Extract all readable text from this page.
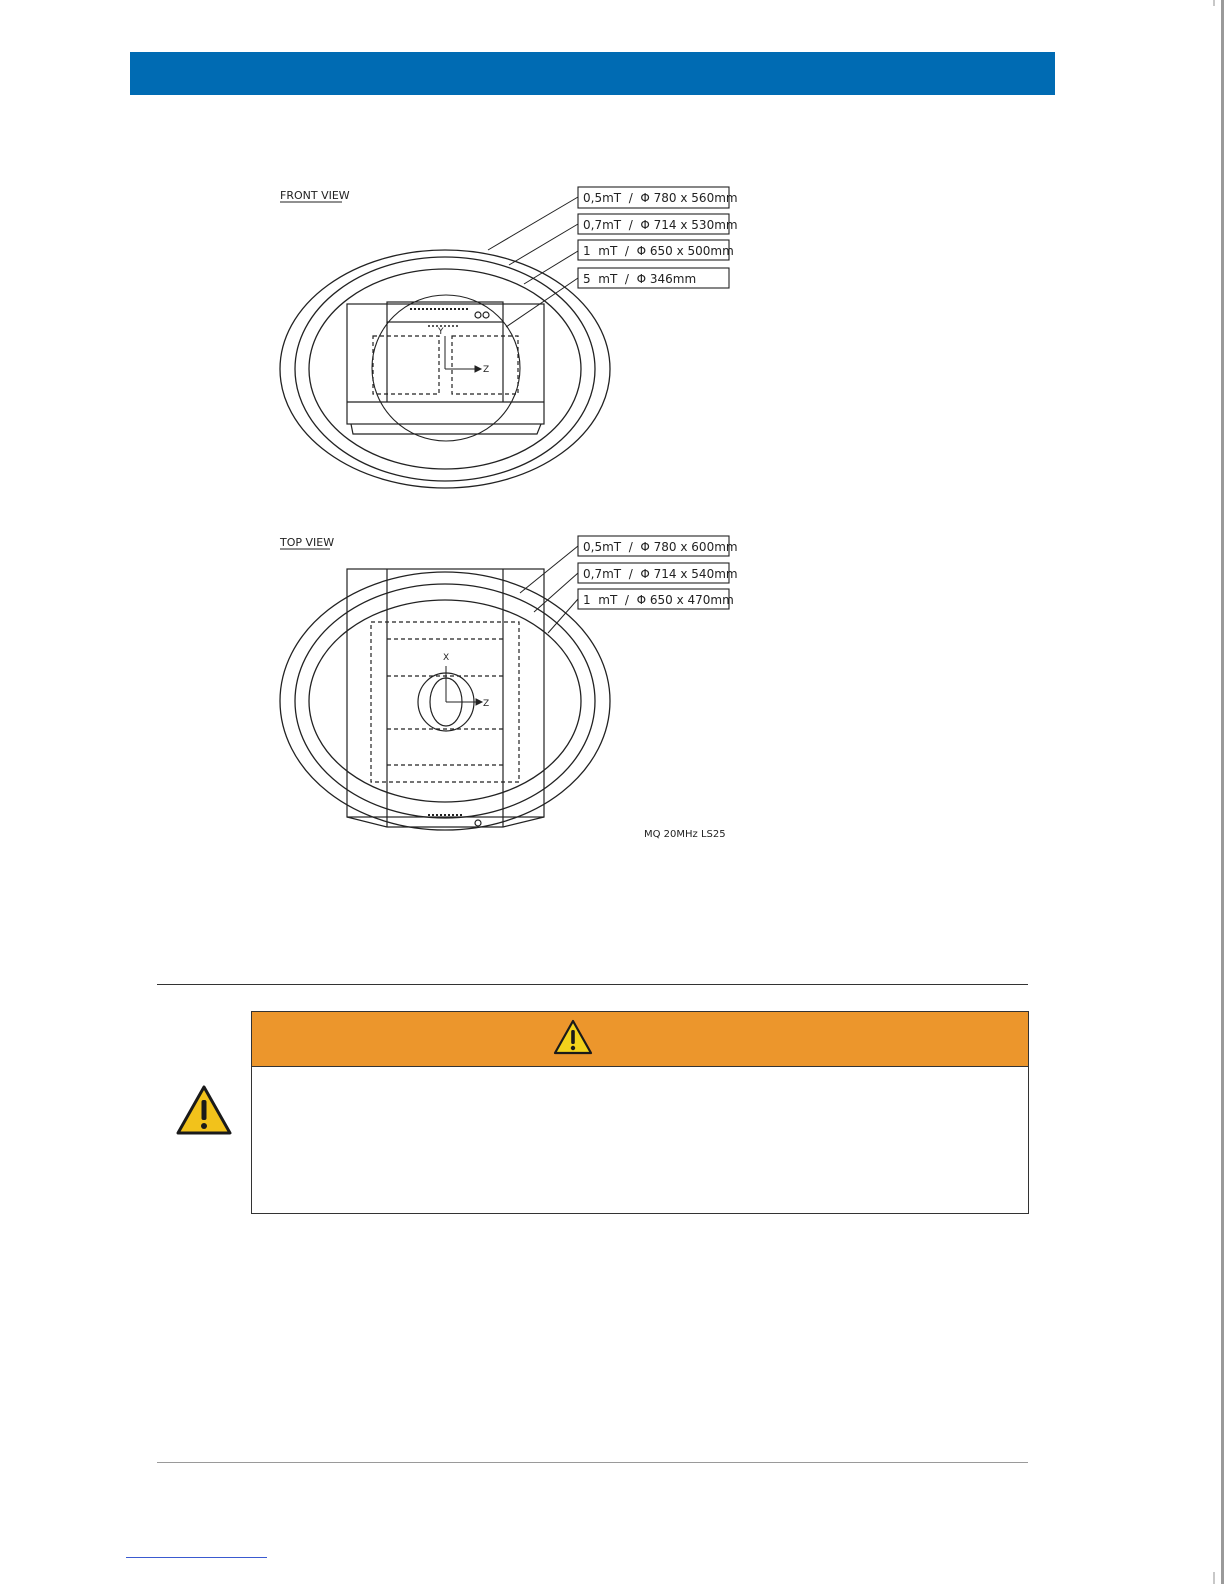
FRONT VIEW
Y
Z
0,5mT  /  Φ 780 x 560mm
0,7mT  /  Φ 714 x 530mm
1  mT  /  Φ 650 x 500mm
5  mT  /  Φ 346mm
TOP VIEW
X
Z
0,5mT  /  Φ 780 x 600mm
0,7mT  /  Φ 714 x 540mm
1  mT  /  Φ 650 x 470mm
MQ 20MHz LS25
